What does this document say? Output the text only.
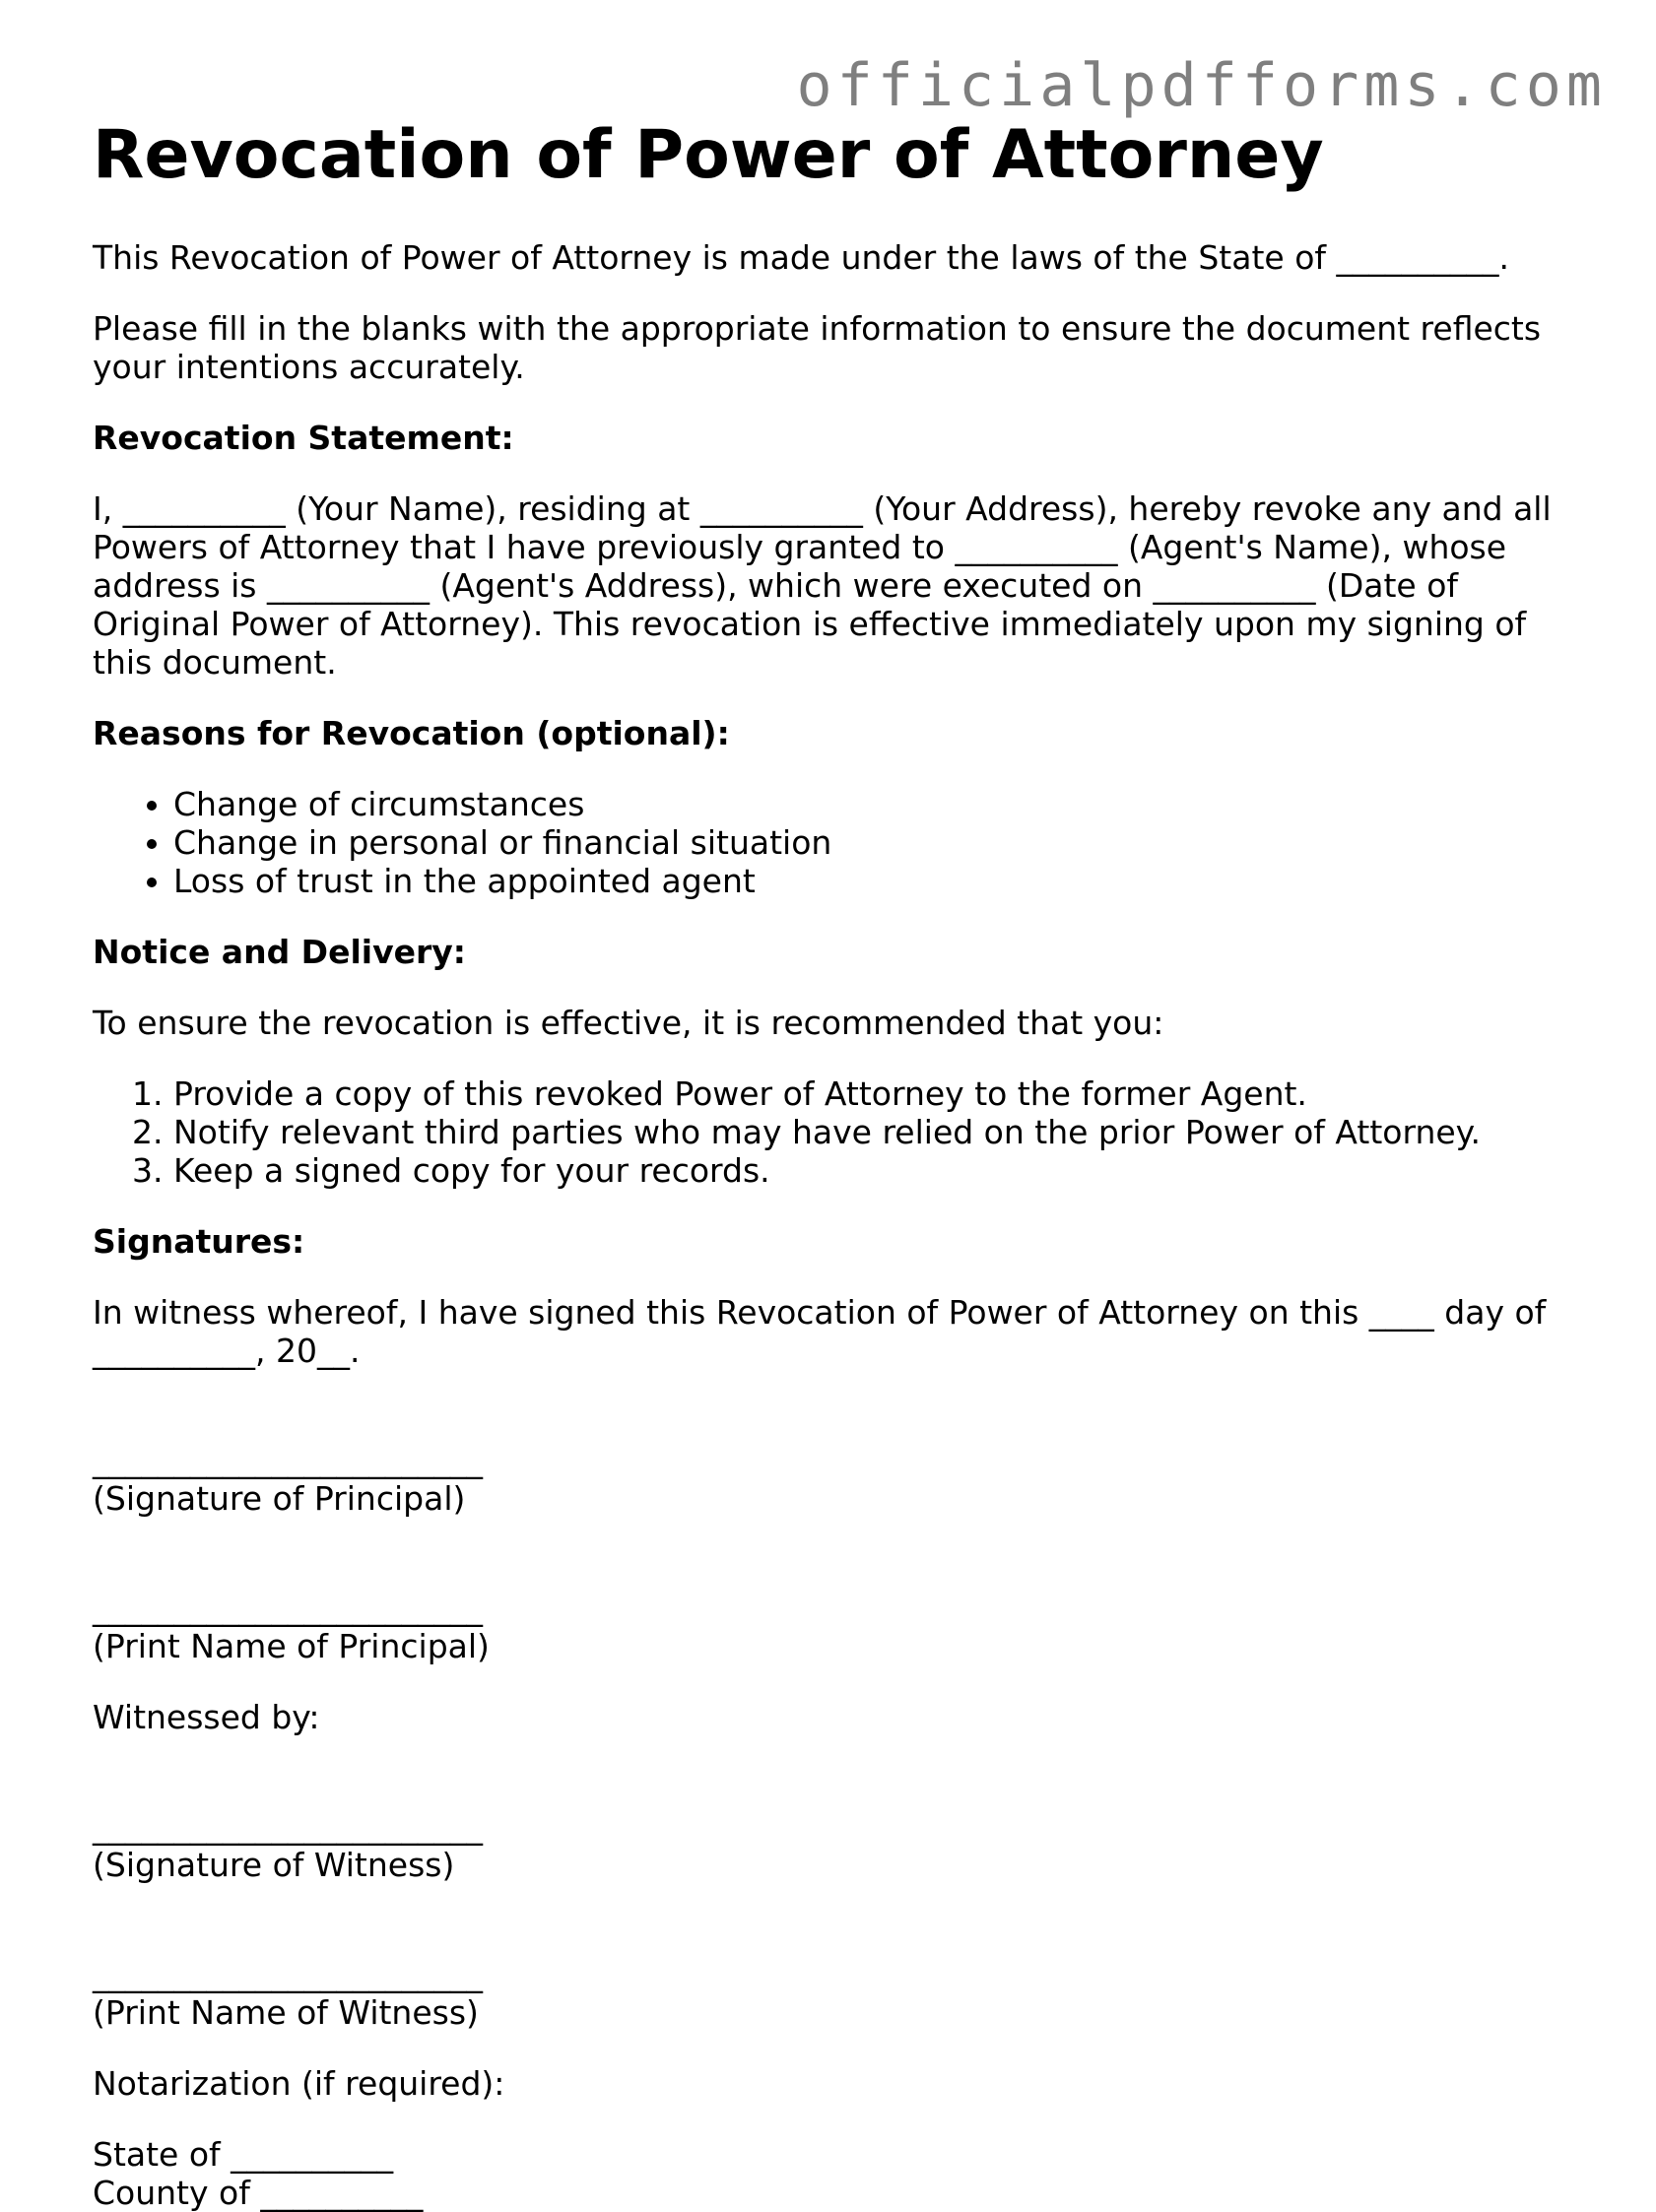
officialpdfforms.com
Revocation of Power of Attorney

This Revocation of Power of Attorney is made under the laws of the State of __________.

Please fill in the blanks with the appropriate information to ensure the document reflects your intentions accurately.

Revocation Statement:

I, __________ (Your Name), residing at __________ (Your Address), hereby revoke any and all Powers of Attorney that I have previously granted to __________ (Agent's Name), whose address is __________ (Agent's Address), which were executed on __________ (Date of Original Power of Attorney). This revocation is effective immediately upon my signing of this document.

Reasons for Revocation (optional):

• Change of circumstances
• Change in personal or financial situation
• Loss of trust in the appointed agent

Notice and Delivery:

To ensure the revocation is effective, it is recommended that you:

1. Provide a copy of this revoked Power of Attorney to the former Agent.
2. Notify relevant third parties who may have relied on the prior Power of Attorney.
3. Keep a signed copy for your records.

Signatures:

In witness whereof, I have signed this Revocation of Power of Attorney on this ____ day of __________, 20__.

________________________
(Signature of Principal)
________________________
(Print Name of Principal)

Witnessed by:

________________________
(Signature of Witness)
________________________
(Print Name of Witness)

Notarization (if required):

State of __________

County of __________
